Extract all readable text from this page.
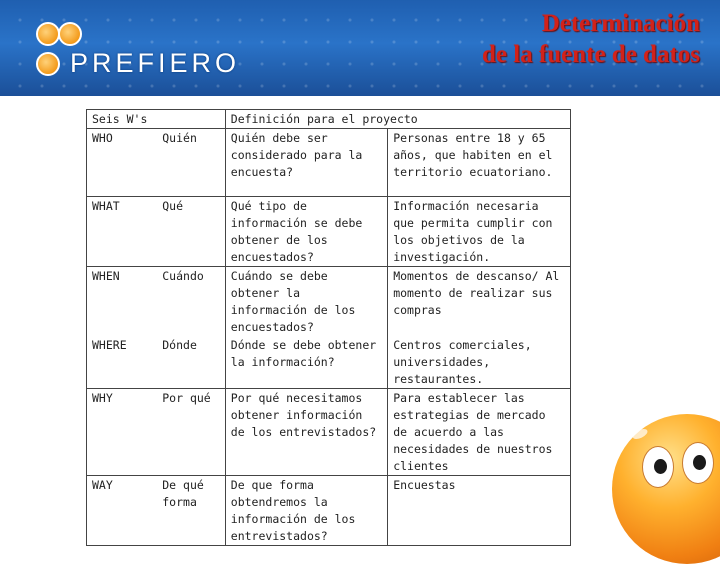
PREFIERO
Determinación
de la fuente de datos
Seis W's		Definición para el proyecto	
WHO	Quién	Quién debe ser considerado para la encuesta?	Personas entre 18 y 65 años, que habiten en el territorio ecuatoriano.
WHAT	Qué	Qué tipo de información se debe obtener de los encuestados?	Información necesaria que permita cumplir con los objetivos de la investigación.
WHEN	Cuándo	Cuándo se debe obtener la información de los encuestados?	Momentos de descanso/ Al momento de realizar sus compras
WHERE	Dónde	Dónde se debe obtener la información?	Centros comerciales, universidades, restaurantes.
WHY	Por qué	Por qué necesitamos obtener información de los entrevistados?	Para establecer las estrategias de mercado de acuerdo a las necesidades de nuestros clientes
WAY	De qué forma	De que forma obtendremos la información de los entrevistados?	Encuestas
